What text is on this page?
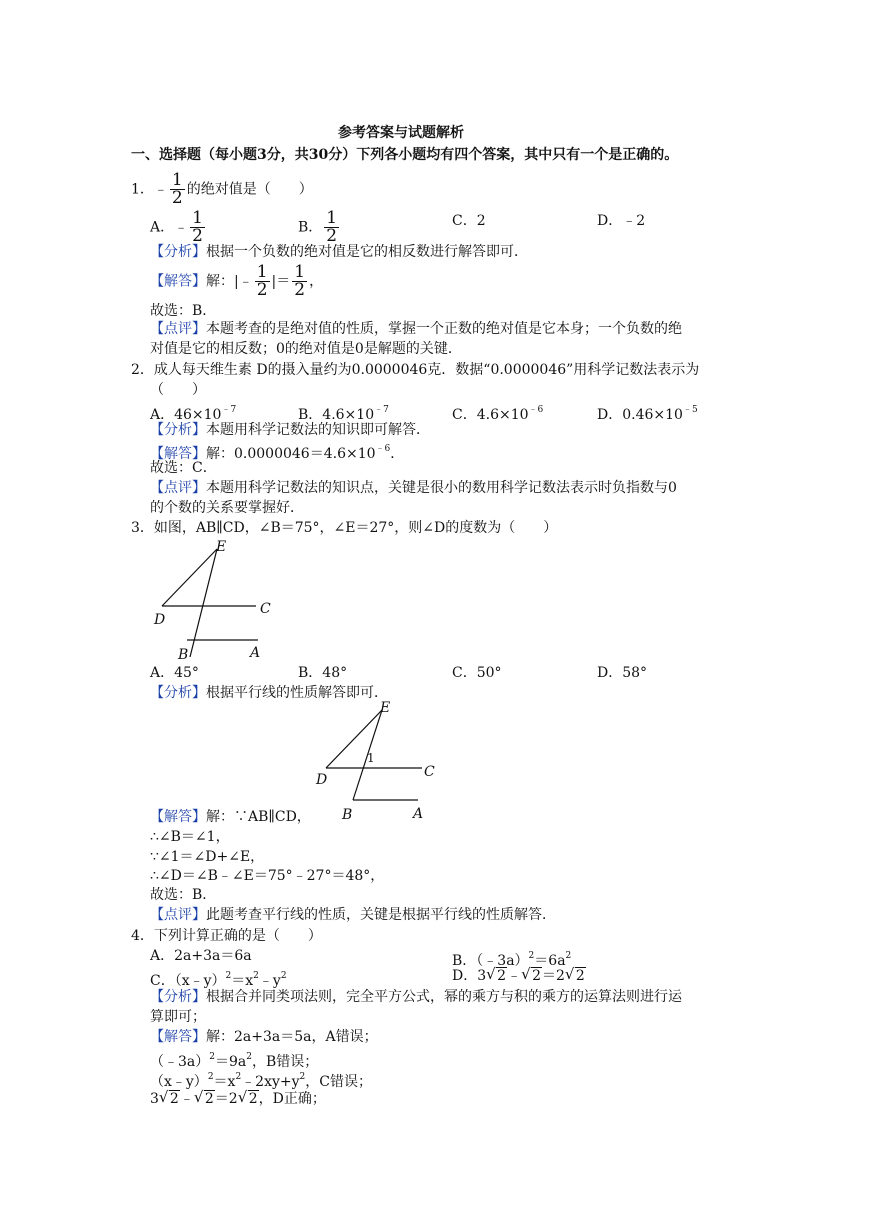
参考答案与试题解析
一、选择题（每小题3分，共30分）下列各小题均有四个答案，其中只有一个是正确的。
1．﹣ $\frac{1}{2}$ 的绝对值是（　　）
A．﹣ $\frac{1}{2}$	B． $\frac{1}{2}$	C．2	D．﹣2
【分析】根据一个负数的绝对值是它的相反数进行解答即可．
【解答】解：|﹣ $\frac{1}{2}$ |＝ $\frac{1}{2}$ ，
故选：B．
【点评】本题考查的是绝对值的性质，掌握一个正数的绝对值是它本身；一个负数的绝
对值是它的相反数；0的绝对值是0是解题的关键．
2．成人每天维生素 D的摄入量约为0.0000046克．数据“0.0000046”用科学记数法表示为
（　　）
A．$46\times 10^{﹣7}$	B．$4.6\times 10^{﹣7}$	C．$4.6\times 10^{﹣6}$	D．$0.46\times 10^{﹣5}$
【分析】本题用科学记数法的知识即可解答．
【解答】解：$0.0000046=4.6\times 10^{﹣6}$．
故选：C．
【点评】本题用科学记数法的知识点，关键是很小的数用科学记数法表示时负指数与0
的个数的关系要掌握好．
3．如图，AB∥CD，∠B＝75°，∠E＝27°，则∠D的度数为（　　）
E
D
C
B	A
A．45°	B．48°	C．50°	D．58°
【分析】根据平行线的性质解答即可．
E
1
D	C
B	A
【解答】解：∵AB∥CD，
∴∠B＝∠1，
∵∠1＝∠D+∠E，
∴∠D＝∠B﹣∠E＝75°﹣27°＝48°，
故选：B．
【点评】此题考查平行线的性质，关键是根据平行线的性质解答．
4．下列计算正确的是（　　）
A．2a+3a＝6a	B．$(﹣3a)^2=6a^2$
C．$(x﹣y)^2=x^2﹣y^2$	D．3 √ 2﹣ √ 2＝2 √ 2
【分析】根据合并同类项法则，完全平方公式，幂的乘方与积的乘方的运算法则进行运
算即可；
【解答】解：2a+3a＝5a，A错误；
$(﹣3a)^2=9a^2$，B错误；
$(x﹣y)^2=x^2﹣2xy+y^2$，C错误；
3 √ 2﹣ √ 2＝2 √ 2，D正确；
